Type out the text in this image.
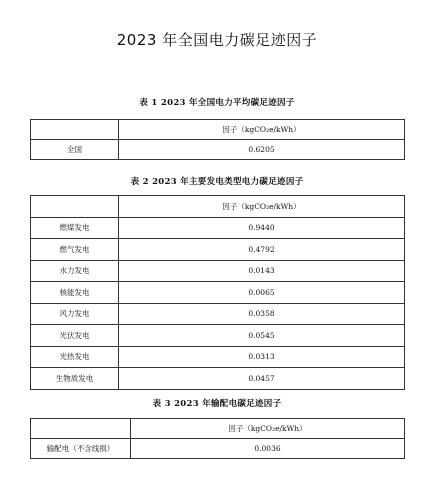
2023 年全国电力碳足迹因子
表 1 2023 年全国电力平均碳足迹因子
	因子（kgCO₂e/kWh）
全国	0.6205
表 2 2023 年主要发电类型电力碳足迹因子
	因子（kgCO₂e/kWh）
燃煤发电	0.9440
燃气发电	0.4792
水力发电	0.0143
核能发电	0.0065
风力发电	0.0358
光伏发电	0.0545
光热发电	0.0313
生物质发电	0.0457
表 3 2023 年输配电碳足迹因子
	因子（kgCO₂e/kWh）
输配电（不含线损）	0.0036
